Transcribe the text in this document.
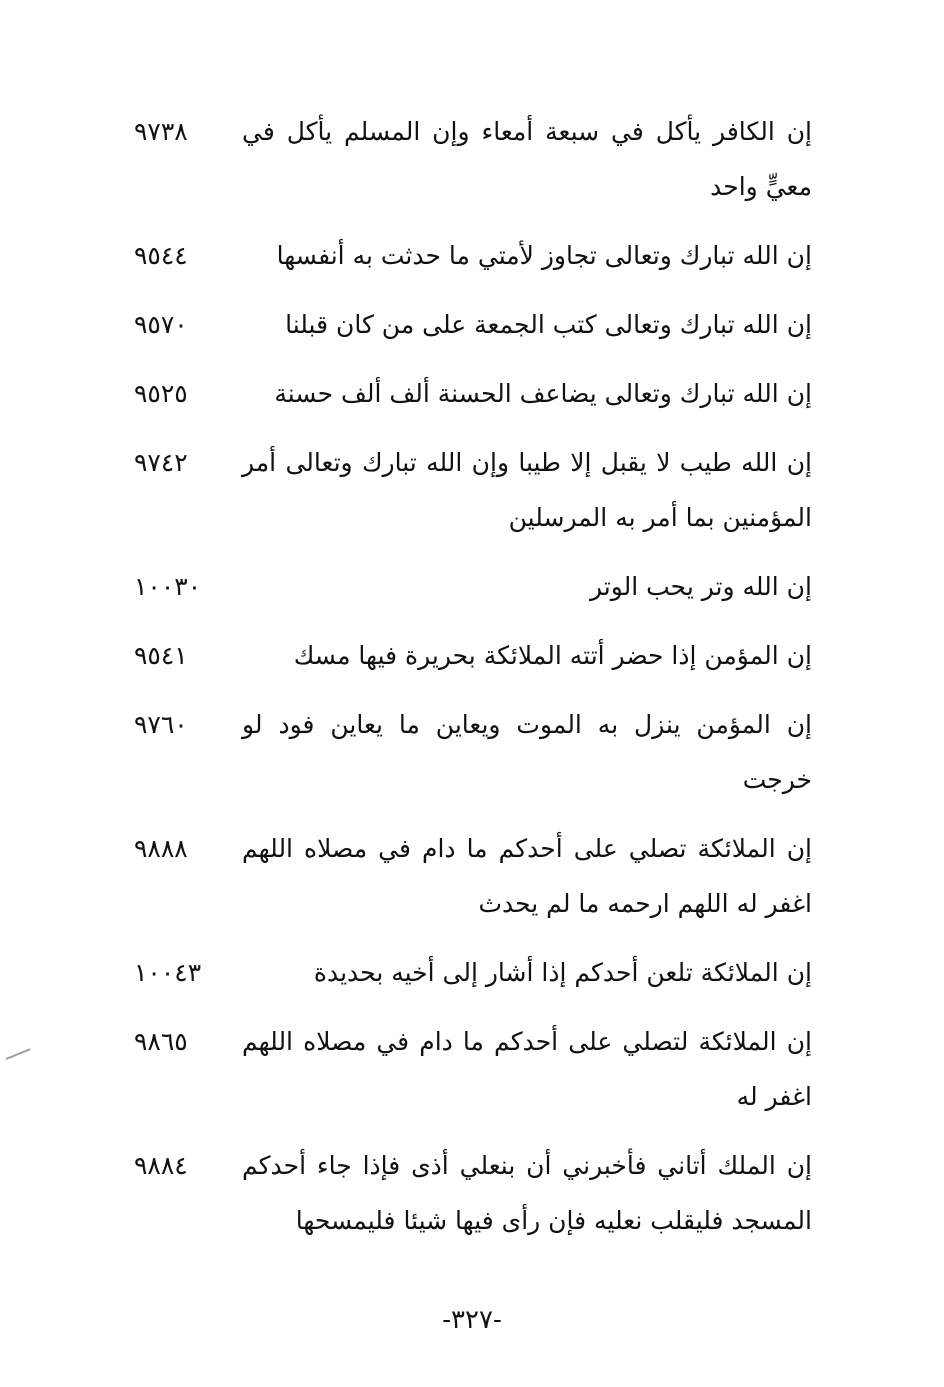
٩٧٣٨	إن الكافر يأكل في سبعة أمعاء وإن المسلم يأكل في معيٍّ واحد
٩٥٤٤	إن الله تبارك وتعالى تجاوز لأمتي ما حدثت به أنفسها
٩٥٧٠	إن الله تبارك وتعالى كتب الجمعة على من كان قبلنا
٩٥٢٥	إن الله تبارك وتعالى يضاعف الحسنة ألف ألف حسنة
٩٧٤٢	إن الله طيب لا يقبل إلا طيبا وإن الله تبارك وتعالى أمر المؤمنين بما أمر به المرسلين
١٠٠٣٠	إن الله وتر يحب الوتر
٩٥٤١	إن المؤمن إذا حضر أتته الملائكة بحريرة فيها مسك
٩٧٦٠	إن المؤمن ينزل به الموت ويعاين ما يعاين فود لو خرجت
٩٨٨٨	إن الملائكة تصلي على أحدكم ما دام في مصلاه اللهم اغفر له اللهم ارحمه ما لم يحدث
١٠٠٤٣	إن الملائكة تلعن أحدكم إذا أشار إلى أخيه بحديدة
٩٨٦٥	إن الملائكة لتصلي على أحدكم ما دام في مصلاه اللهم اغفر له
٩٨٨٤	إن الملك أتاني فأخبرني أن بنعلي أذى فإذا جاء أحدكم المسجد فليقلب نعليه فإن رأى فيها شيئا فليمسحها
-٣٢٧-
